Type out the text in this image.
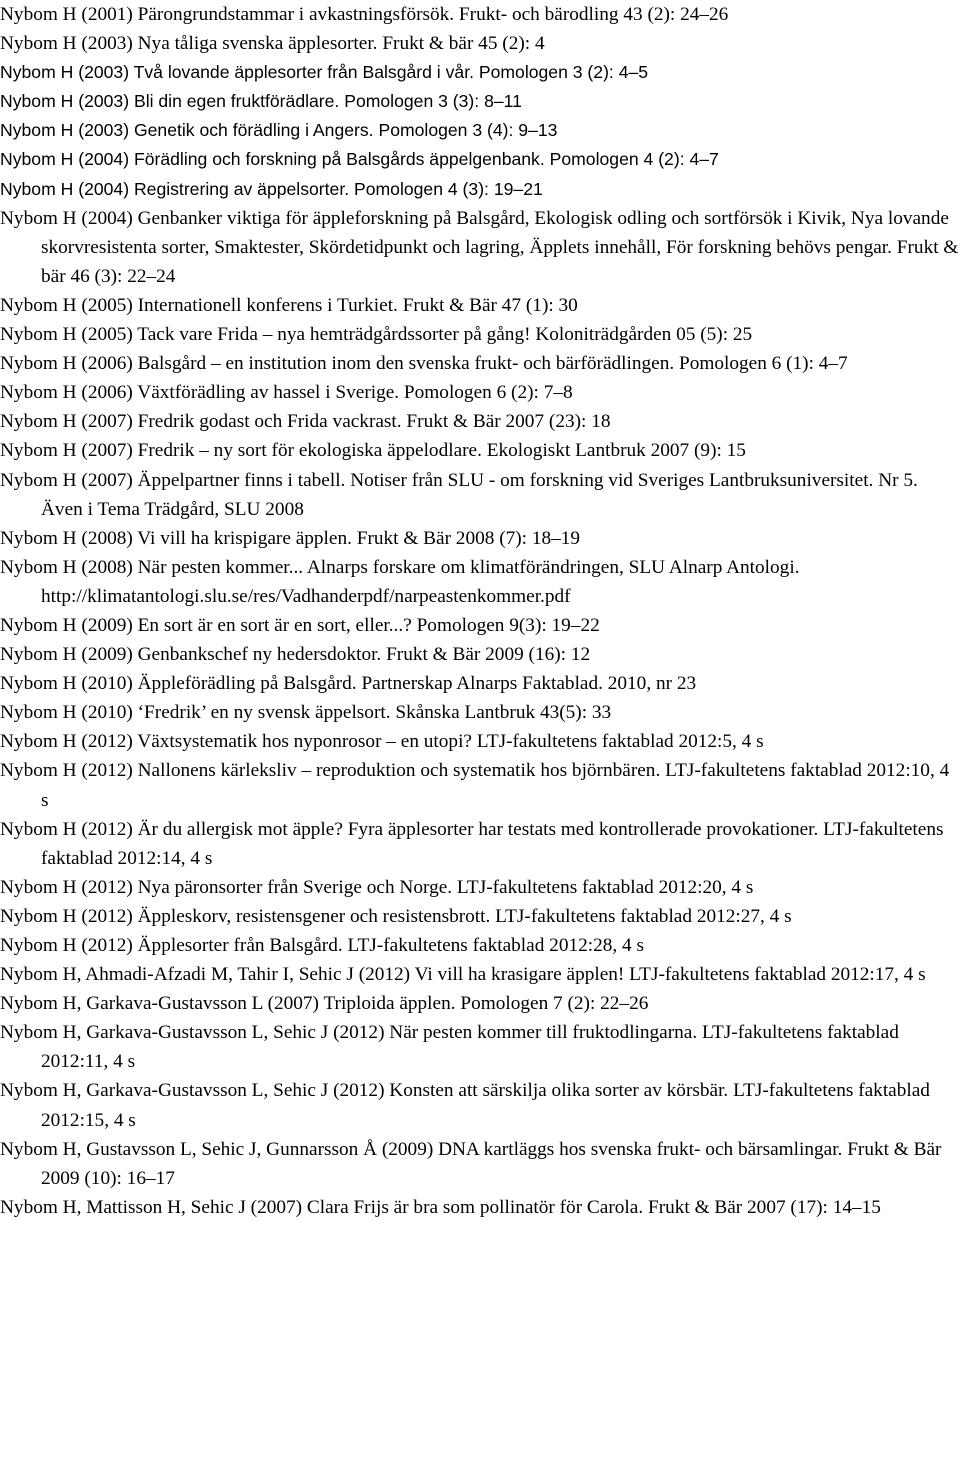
Nybom H (2001) Pärongrundstammar i avkastningsförsök. Frukt- och bärodling 43 (2): 24–26
Nybom H (2003) Nya tåliga svenska äpplesorter. Frukt & bär 45 (2): 4
Nybom H (2003) Två lovande äpplesorter från Balsgård i vår. Pomologen 3 (2): 4–5
Nybom H (2003) Bli din egen fruktförädlare. Pomologen 3 (3): 8–11
Nybom H (2003) Genetik och förädling i Angers. Pomologen 3 (4): 9–13
Nybom H (2004) Förädling och forskning på Balsgårds äppelgenbank. Pomologen 4 (2): 4–7
Nybom H (2004) Registrering av äppelsorter. Pomologen 4 (3): 19–21
Nybom H (2004) Genbanker viktiga för äppleforskning på Balsgård, Ekologisk odling och sortförsök i Kivik, Nya lovande skorvresistenta sorter, Smaktester, Skördetidpunkt och lagring, Äpplets innehåll, För forskning behövs pengar. Frukt & bär 46 (3): 22–24
Nybom H (2005) Internationell konferens i Turkiet. Frukt & Bär 47 (1): 30
Nybom H (2005) Tack vare Frida – nya hemträdgårdssorter på gång! Koloniträdgården 05 (5): 25
Nybom H (2006) Balsgård – en institution inom den svenska frukt- och bärförädlingen. Pomologen 6 (1): 4–7
Nybom H (2006) Växtförädling av hassel i Sverige. Pomologen 6 (2): 7–8
Nybom H (2007) Fredrik godast och Frida vackrast. Frukt & Bär 2007 (23): 18
Nybom H (2007) Fredrik – ny sort för ekologiska äppelodlare. Ekologiskt Lantbruk 2007 (9): 15
Nybom H (2007) Äppelpartner finns i tabell. Notiser från SLU - om forskning vid Sveriges Lantbruksuniversitet. Nr 5. Även i Tema Trädgård, SLU 2008
Nybom H (2008) Vi vill ha krispigare äpplen. Frukt & Bär 2008 (7): 18–19
Nybom H (2008) När pesten kommer... Alnarps forskare om klimatförändringen, SLU Alnarp Antologi. http://klimatantologi.slu.se/res/Vadhanderpdf/narpeastenkommer.pdf
Nybom H (2009) En sort är en sort är en sort, eller...? Pomologen 9(3): 19–22
Nybom H (2009) Genbankschef ny hedersdoktor. Frukt & Bär 2009 (16): 12
Nybom H (2010) Äppleförädling på Balsgård. Partnerskap Alnarps Faktablad. 2010, nr 23
Nybom H (2010) ‘Fredrik’ en ny svensk äppelsort. Skånska Lantbruk 43(5): 33
Nybom H (2012) Växtsystematik hos nyponrosor – en utopi? LTJ-fakultetens faktablad 2012:5, 4 s
Nybom H (2012) Nallonens kärleksliv – reproduktion och systematik hos björnbären. LTJ-fakultetens faktablad 2012:10, 4 s
Nybom H (2012) Är du allergisk mot äpple? Fyra äpplesorter har testats med kontrollerade provokationer. LTJ-fakultetens faktablad 2012:14, 4 s
Nybom H (2012) Nya päronsorter från Sverige och Norge. LTJ-fakultetens faktablad 2012:20, 4 s
Nybom H (2012) Äppleskorv, resistensgener och resistensbrott. LTJ-fakultetens faktablad 2012:27, 4 s
Nybom H (2012) Äpplesorter från Balsgård. LTJ-fakultetens faktablad 2012:28, 4 s
Nybom H, Ahmadi-Afzadi M, Tahir I, Sehic J (2012) Vi vill ha krasigare äpplen! LTJ-fakultetens faktablad 2012:17, 4 s
Nybom H, Garkava-Gustavsson L (2007) Triploida äpplen. Pomologen 7 (2): 22–26
Nybom H, Garkava-Gustavsson L, Sehic J (2012) När pesten kommer till fruktodlingarna. LTJ-fakultetens faktablad 2012:11, 4 s
Nybom H, Garkava-Gustavsson L, Sehic J (2012) Konsten att särskilja olika sorter av körsbär. LTJ-fakultetens faktablad 2012:15, 4 s
Nybom H, Gustavsson L, Sehic J, Gunnarsson Å (2009) DNA kartläggs hos svenska frukt- och bärsamlingar. Frukt & Bär 2009 (10): 16–17
Nybom H, Mattisson H, Sehic J (2007) Clara Frijs är bra som pollinatör för Carola. Frukt & Bär 2007 (17): 14–15
